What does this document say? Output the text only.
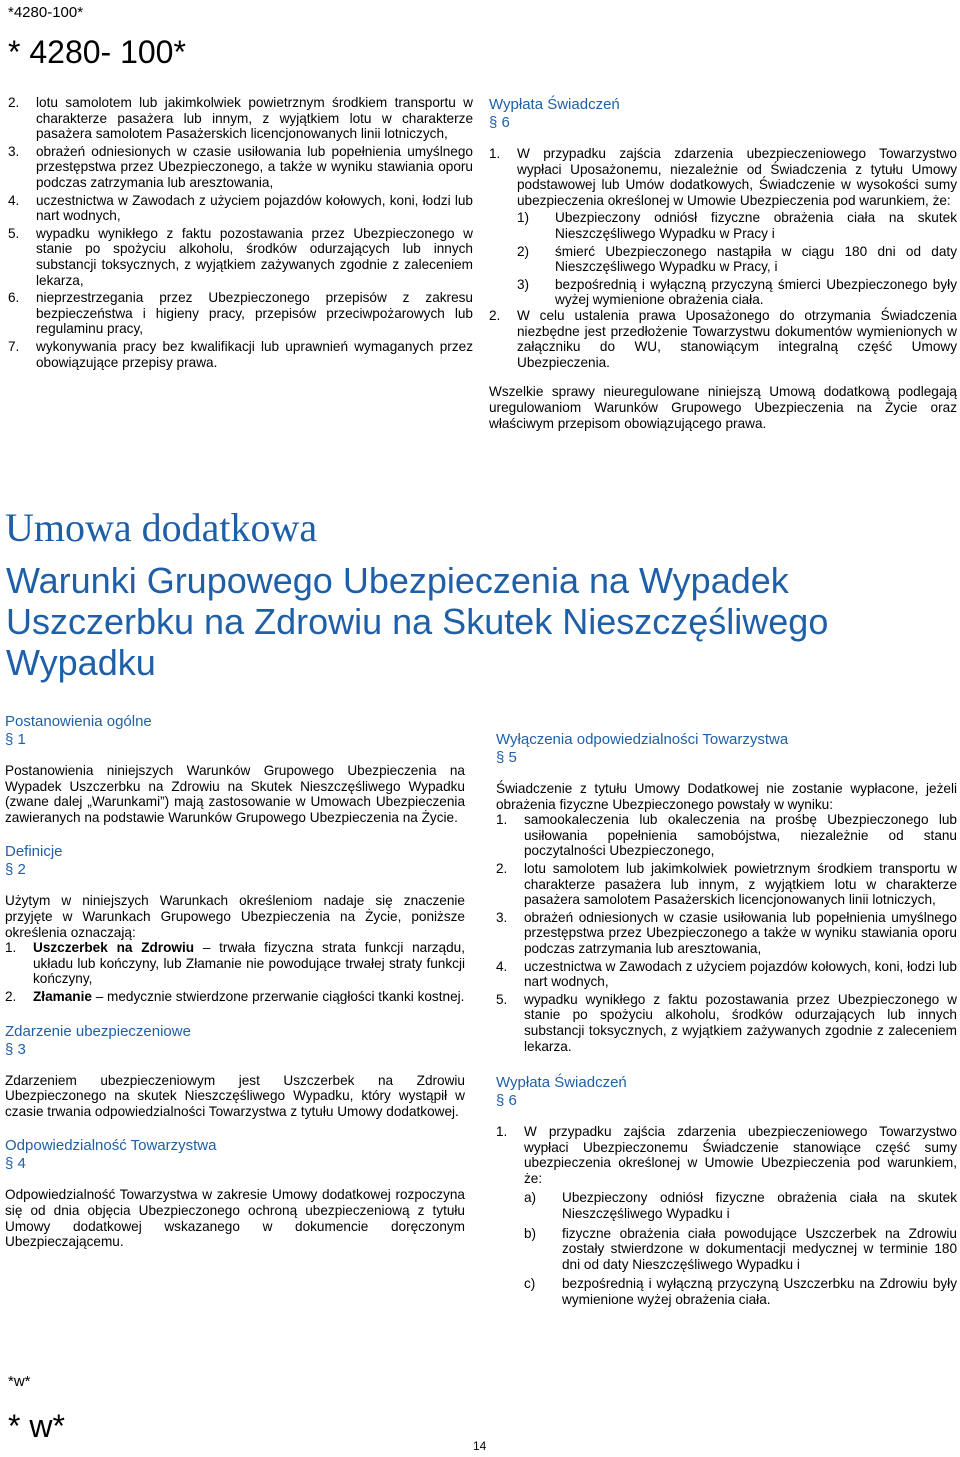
*4280-100*
* 4280- 100*
2. lotu samolotem lub jakimkolwiek powietrznym środkiem transportu w charakterze pasażera lub innym, z wyjątkiem lotu w charakterze pasażera samolotem Pasażerskich licencjonowanych linii lotniczych,
3. obrażeń odniesionych w czasie usiłowania lub popełnienia umyślnego przestępstwa przez Ubezpieczonego, a także w wyniku stawiania oporu podczas zatrzymania lub aresztowania,
4. uczestnictwa w Zawodach z użyciem pojazdów kołowych, koni, łodzi lub nart wodnych,
5. wypadku wynikłego z faktu pozostawania przez Ubezpieczonego w stanie po spożyciu alkoholu, środków odurzających lub innych substancji toksycznych, z wyjątkiem zażywanych zgodnie z zaleceniem lekarza,
6. nieprzestrzegania przez Ubezpieczonego przepisów z zakresu bezpieczeństwa i higieny pracy, przepisów przeciwpożarowych lub regulaminu pracy,
7. wykonywania pracy bez kwalifikacji lub uprawnień wymaganych przez obowiązujące przepisy prawa.

Wypłata Świadczeń

§ 6

1. W przypadku zajścia zdarzenia ubezpieczeniowego Towarzystwo wypłaci Uposażonemu, niezależnie od Świadczenia z tytułu Umowy podstawowej lub Umów dodatkowych, Świadczenie w wysokości sumy ubezpieczenia określonej w Umowie Ubezpieczenia pod warunkiem, że:
1) Ubezpieczony odniósł fizyczne obrażenia ciała na skutek Nieszczęśliwego Wypadku w Pracy i
2) śmierć Ubezpieczonego nastąpiła w ciągu 180 dni od daty Nieszczęśliwego Wypadku w Pracy, i
3) bezpośrednią i wyłączną przyczyną śmierci Ubezpieczonego były wyżej wymienione obrażenia ciała.
2. W celu ustalenia prawa Uposażonego do otrzymania Świadczenia niezbędne jest przedłożenie Towarzystwu dokumentów wymienionych w załączniku do WU, stanowiącym integralną część Umowy Ubezpieczenia.

Wszelkie sprawy nieuregulowane niniejszą Umową dodatkową podlegają uregulowaniom Warunków Grupowego Ubezpieczenia na Życie oraz właściwym przepisom obowiązującego prawa.

Umowa dodatkowa
Warunki Grupowego Ubezpieczenia na Wypadek Uszczerbku na Zdrowiu na Skutek Nieszczęśliwego Wypadku

Postanowienia ogólne

§ 1

Postanowienia niniejszych Warunków Grupowego Ubezpieczenia na Wypadek Uszczerbku na Zdrowiu na Skutek Nieszczęśliwego Wypadku (zwane dalej „Warunkami”) mają zastosowanie w Umowach Ubezpieczenia zawieranych na podstawie Warunków Grupowego Ubezpieczenia na Życie.

Definicje

§ 2

Użytym w niniejszych Warunkach określeniom nadaje się znaczenie przyjęte w Warunkach Grupowego Ubezpieczenia na Życie, poniższe określenia oznaczają:

1. Uszczerbek na Zdrowiu – trwała fizyczna strata funkcji narządu, układu lub kończyny, lub Złamanie nie powodujące trwałej straty funkcji kończyny,
2. Złamanie – medycznie stwierdzone przerwanie ciągłości tkanki kostnej.

Zdarzenie ubezpieczeniowe

§ 3

Zdarzeniem ubezpieczeniowym jest Uszczerbek na Zdrowiu Ubezpieczonego na skutek Nieszczęśliwego Wypadku, który wystąpił w czasie trwania odpowiedzialności Towarzystwa z tytułu Umowy dodatkowej.

Odpowiedzialność Towarzystwa

§ 4

Odpowiedzialność Towarzystwa w zakresie Umowy dodatkowej rozpoczyna się od dnia objęcia Ubezpieczonego ochroną ubezpieczeniową z tytułu Umowy dodatkowej wskazanego w dokumencie doręczonym Ubezpieczającemu.

Wyłączenia odpowiedzialności Towarzystwa

§ 5

Świadczenie z tytułu Umowy Dodatkowej nie zostanie wypłacone, jeżeli obrażenia fizyczne Ubezpieczonego powstały w wyniku:

1. samookaleczenia lub okaleczenia na prośbę Ubezpieczonego lub usiłowania popełnienia samobójstwa, niezależnie od stanu poczytalności Ubezpieczonego,
2. lotu samolotem lub jakimkolwiek powietrznym środkiem transportu w charakterze pasażera lub innym, z wyjątkiem lotu w charakterze pasażera samolotem Pasażerskich licencjonowanych linii lotniczych,
3. obrażeń odniesionych w czasie usiłowania lub popełnienia umyślnego przestępstwa przez Ubezpieczonego a także w wyniku stawiania oporu podczas zatrzymania lub aresztowania,
4. uczestnictwa w Zawodach z użyciem pojazdów kołowych, koni, łodzi lub nart wodnych,
5. wypadku wynikłego z faktu pozostawania przez Ubezpieczonego w stanie po spożyciu alkoholu, środków odurzających lub innych substancji toksycznych, z wyjątkiem zażywanych zgodnie z zaleceniem lekarza.

Wypłata Świadczeń

§ 6

1. W przypadku zajścia zdarzenia ubezpieczeniowego Towarzystwo wypłaci Ubezpieczonemu Świadczenie stanowiące część sumy ubezpieczenia określonej w Umowie Ubezpieczenia pod warunkiem, że:
a) Ubezpieczony odniósł fizyczne obrażenia ciała na skutek Nieszczęśliwego Wypadku i
b) fizyczne obrażenia ciała powodujące Uszczerbek na Zdrowiu zostały stwierdzone w dokumentacji medycznej w terminie 180 dni od daty Nieszczęśliwego Wypadku i
c) bezpośrednią i wyłączną przyczyną Uszczerbku na Zdrowiu były wymienione wyżej obrażenia ciała.
*w*
* w*
14
